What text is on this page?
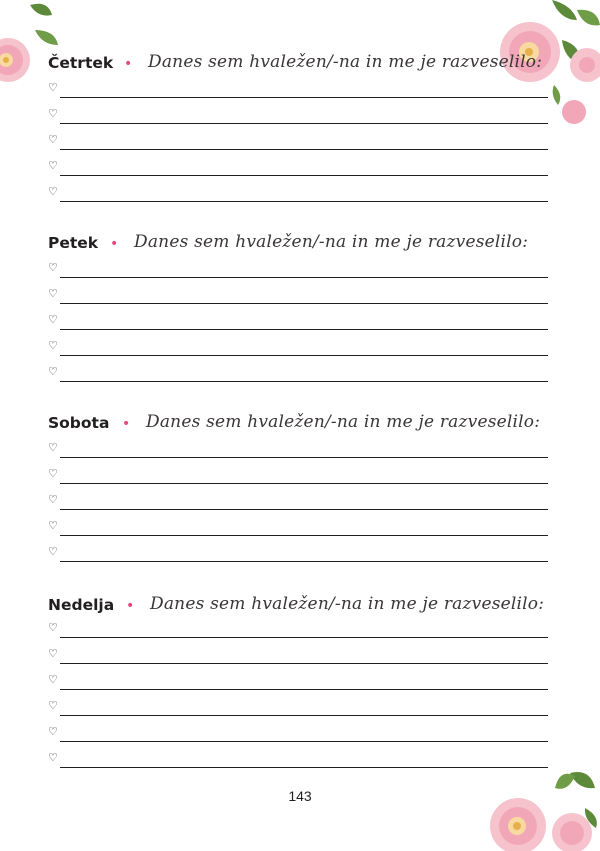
Četrtek • Danes sem hvaležen/-na in me je razveselilo:
♡
♡
♡
♡
♡
Petek • Danes sem hvaležen/-na in me je razveselilo:
♡
♡
♡
♡
♡
Sobota • Danes sem hvaležen/-na in me je razveselilo:
♡
♡
♡
♡
♡
Nedelja • Danes sem hvaležen/-na in me je razveselilo:
♡
♡
♡
♡
♡
♡
143
